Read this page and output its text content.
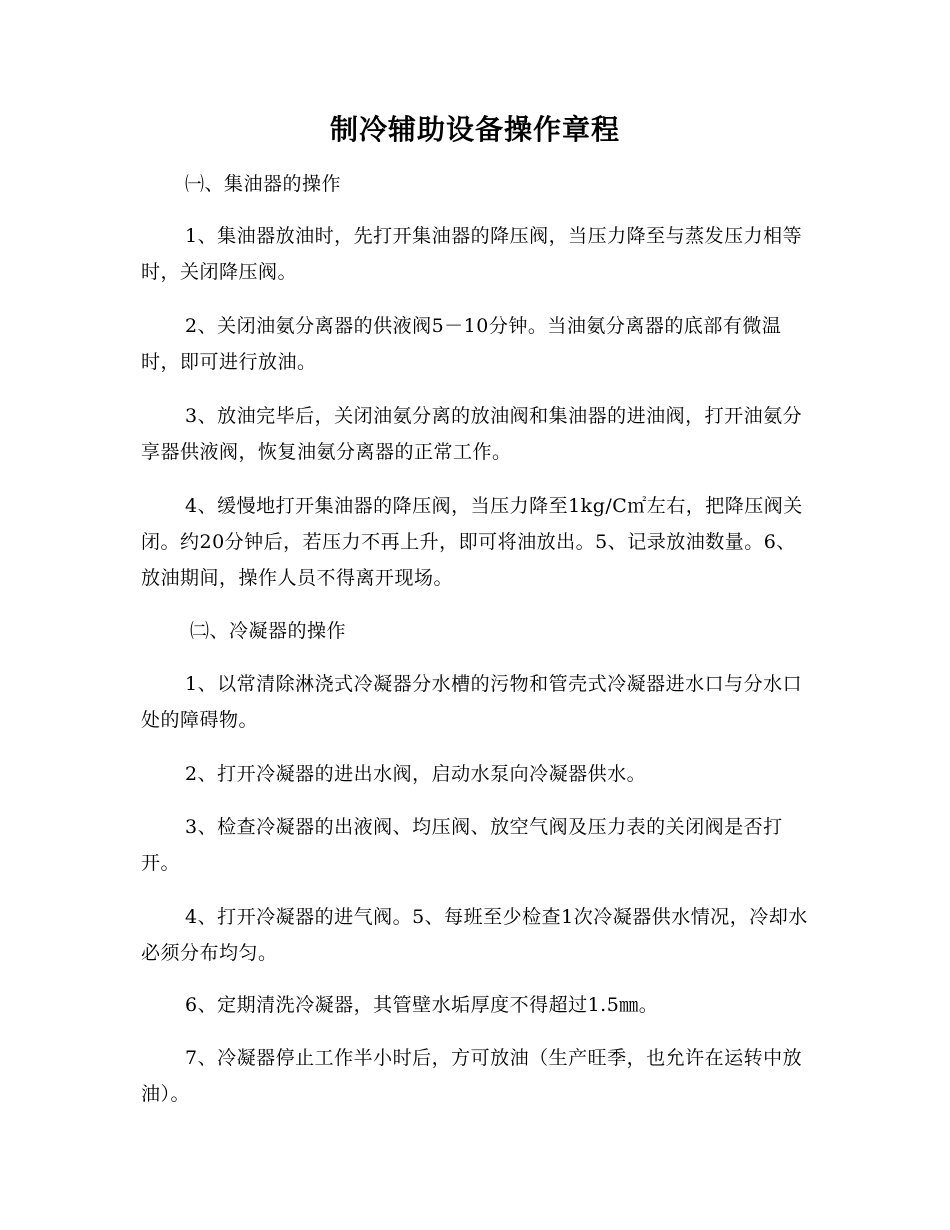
制冷辅助设备操作章程

㈠、集油器的操作

1、集油器放油时，先打开集油器的降压阀，当压力降至与蒸发压力相等时，关闭降压阀。

2、关闭油氨分离器的供液阀5－10分钟。当油氨分离器的底部有微温时，即可进行放油。

3、放油完毕后，关闭油氨分离的放油阀和集油器的进油阀，打开油氨分享器供液阀，恢复油氨分离器的正常工作。

4、缓慢地打开集油器的降压阀，当压力降至1kg/C㎡左右，把降压阀关闭。约20分钟后，若压力不再上升，即可将油放出。5、记录放油数量。6、放油期间，操作人员不得离开现场。

㈡、冷凝器的操作

1、以常清除淋浇式冷凝器分水槽的污物和管壳式冷凝器进水口与分水口处的障碍物。

2、打开冷凝器的进出水阀，启动水泵向冷凝器供水。

3、检查冷凝器的出液阀、均压阀、放空气阀及压力表的关闭阀是否打开。

4、打开冷凝器的进气阀。5、每班至少检查1次冷凝器供水情况，冷却水必须分布均匀。

6、定期清洗冷凝器，其管壁水垢厚度不得超过1.5㎜。

7、冷凝器停止工作半小时后，方可放油（生产旺季，也允许在运转中放油）。
